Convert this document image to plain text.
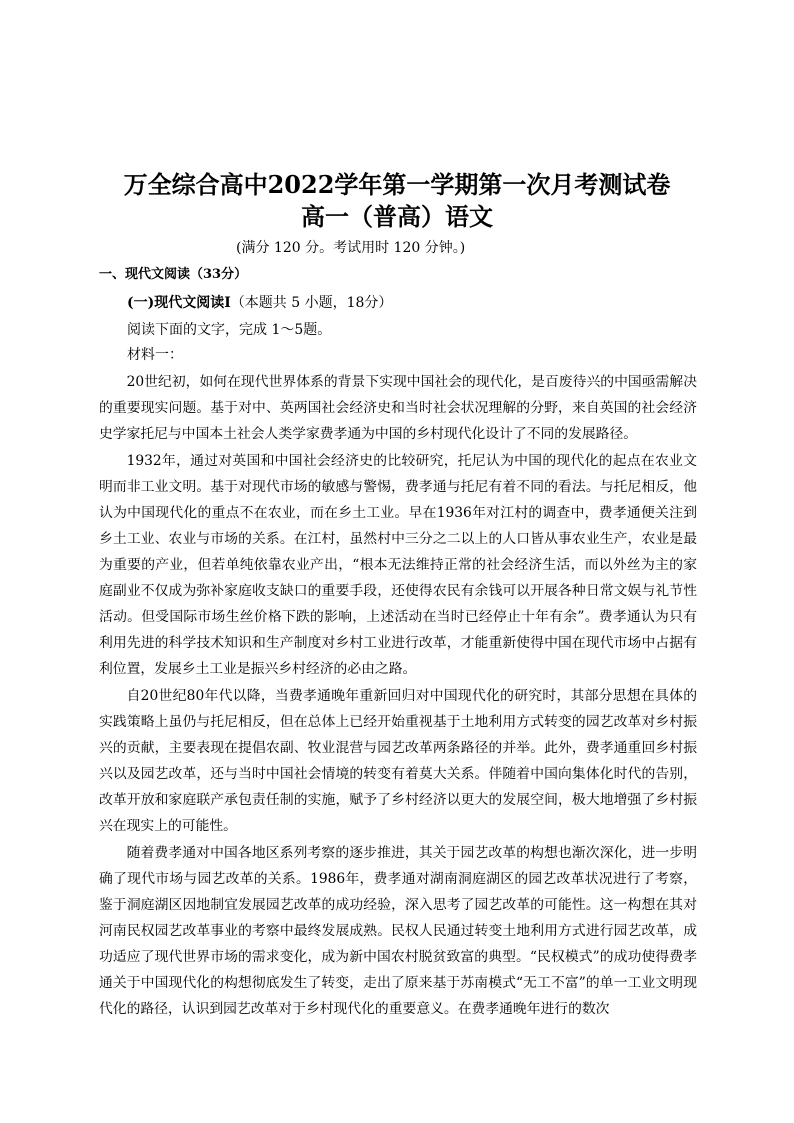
万全综合高中2022学年第一学期第一次月考测试卷
高一（普高）语文
(满分 120 分。考试用时 120 分钟。)
一、现代文阅读（33分）
(一)现代文阅读Ⅰ（本题共 5 小题，18分）
阅读下面的文字，完成 1～5题。
材料一：

20世纪初，如何在现代世界体系的背景下实现中国社会的现代化，是百废待兴的中国亟需解决的重要现实问题。基于对中、英两国社会经济史和当时社会状况理解的分野，来自英国的社会经济史学家托尼与中国本土社会人类学家费孝通为中国的乡村现代化设计了不同的发展路径。

1932年，通过对英国和中国社会经济史的比较研究，托尼认为中国的现代化的起点在农业文明而非工业文明。基于对现代市场的敏感与警惕，费孝通与托尼有着不同的看法。与托尼相反，他认为中国现代化的重点不在农业，而在乡土工业。早在1936年对江村的调查中，费孝通便关注到乡土工业、农业与市场的关系。在江村，虽然村中三分之二以上的人口皆从事农业生产，农业是最为重要的产业，但若单纯依靠农业产出，“根本无法维持正常的社会经济生活，而以外丝为主的家庭副业不仅成为弥补家庭收支缺口的重要手段，还使得农民有余钱可以开展各种日常文娱与礼节性活动。但受国际市场生丝价格下跌的影响，上述活动在当时已经停止十年有余”。费孝通认为只有利用先进的科学技术知识和生产制度对乡村工业进行改革，才能重新使得中国在现代市场中占据有利位置，发展乡土工业是振兴乡村经济的必由之路。

自20世纪80年代以降，当费孝通晚年重新回归对中国现代化的研究时，其部分思想在具体的实践策略上虽仍与托尼相反，但在总体上已经开始重视基于土地利用方式转变的园艺改革对乡村振兴的贡献，主要表现在提倡农副、牧业混营与园艺改革两条路径的并举。此外，费孝通重回乡村振兴以及园艺改革，还与当时中国社会情境的转变有着莫大关系。伴随着中国向集体化时代的告别，改革开放和家庭联产承包责任制的实施，赋予了乡村经济以更大的发展空间，极大地增强了乡村振兴在现实上的可能性。

随着费孝通对中国各地区系列考察的逐步推进，其关于园艺改革的构想也渐次深化，进一步明确了现代市场与园艺改革的关系。1986年，费孝通对湖南洞庭湖区的园艺改革状况进行了考察，鉴于洞庭湖区因地制宜发展园艺改革的成功经验，深入思考了园艺改革的可能性。这一构想在其对河南民权园艺改革事业的考察中最终发展成熟。民权人民通过转变土地利用方式进行园艺改革，成功适应了现代世界市场的需求变化，成为新中国农村脱贫致富的典型。“民权模式”的成功使得费孝通关于中国现代化的构想彻底发生了转变，走出了原来基于苏南模式“无工不富”的单一工业文明现代化的路径，认识到园艺改革对于乡村现代化的重要意义。在费孝通晚年进行的数次
